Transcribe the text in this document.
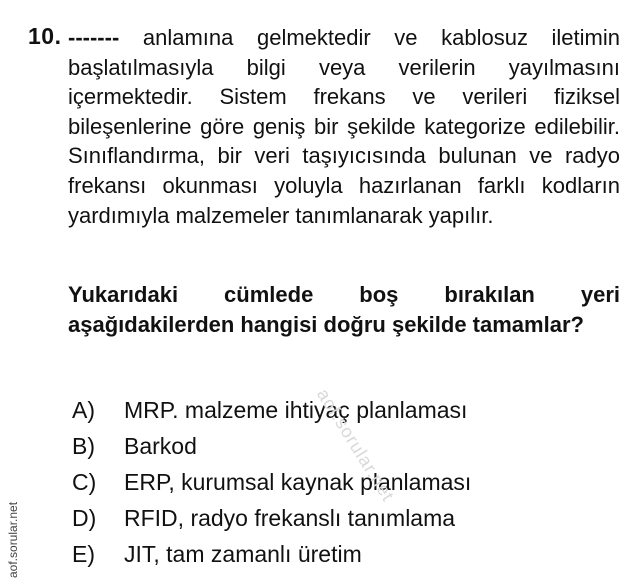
10. ------- anlamına gelmektedir ve kablosuz iletimin başlatılmasıyla bilgi veya verilerin yayılmasını içermektedir. Sistem frekans ve verileri fiziksel bileşenlerine göre geniş bir şekilde kategorize edilebilir. Sınıflandırma, bir veri taşıyıcısında bulunan ve radyo frekansı okunması yoluyla hazırlanan farklı kodların yardımıyla malzemeler tanımlanarak yapılır.
Yukarıdaki cümlede boş bırakılan yeri aşağıdakilerden hangisi doğru şekilde tamamlar?
A) MRP. malzeme ihtiyaç planlaması
B) Barkod
C) ERP, kurumsal kaynak planlaması
D) RFID, radyo frekanslı tanımlama
E) JIT, tam zamanlı üretim
aof.sorular.net
aof.sorular.net
